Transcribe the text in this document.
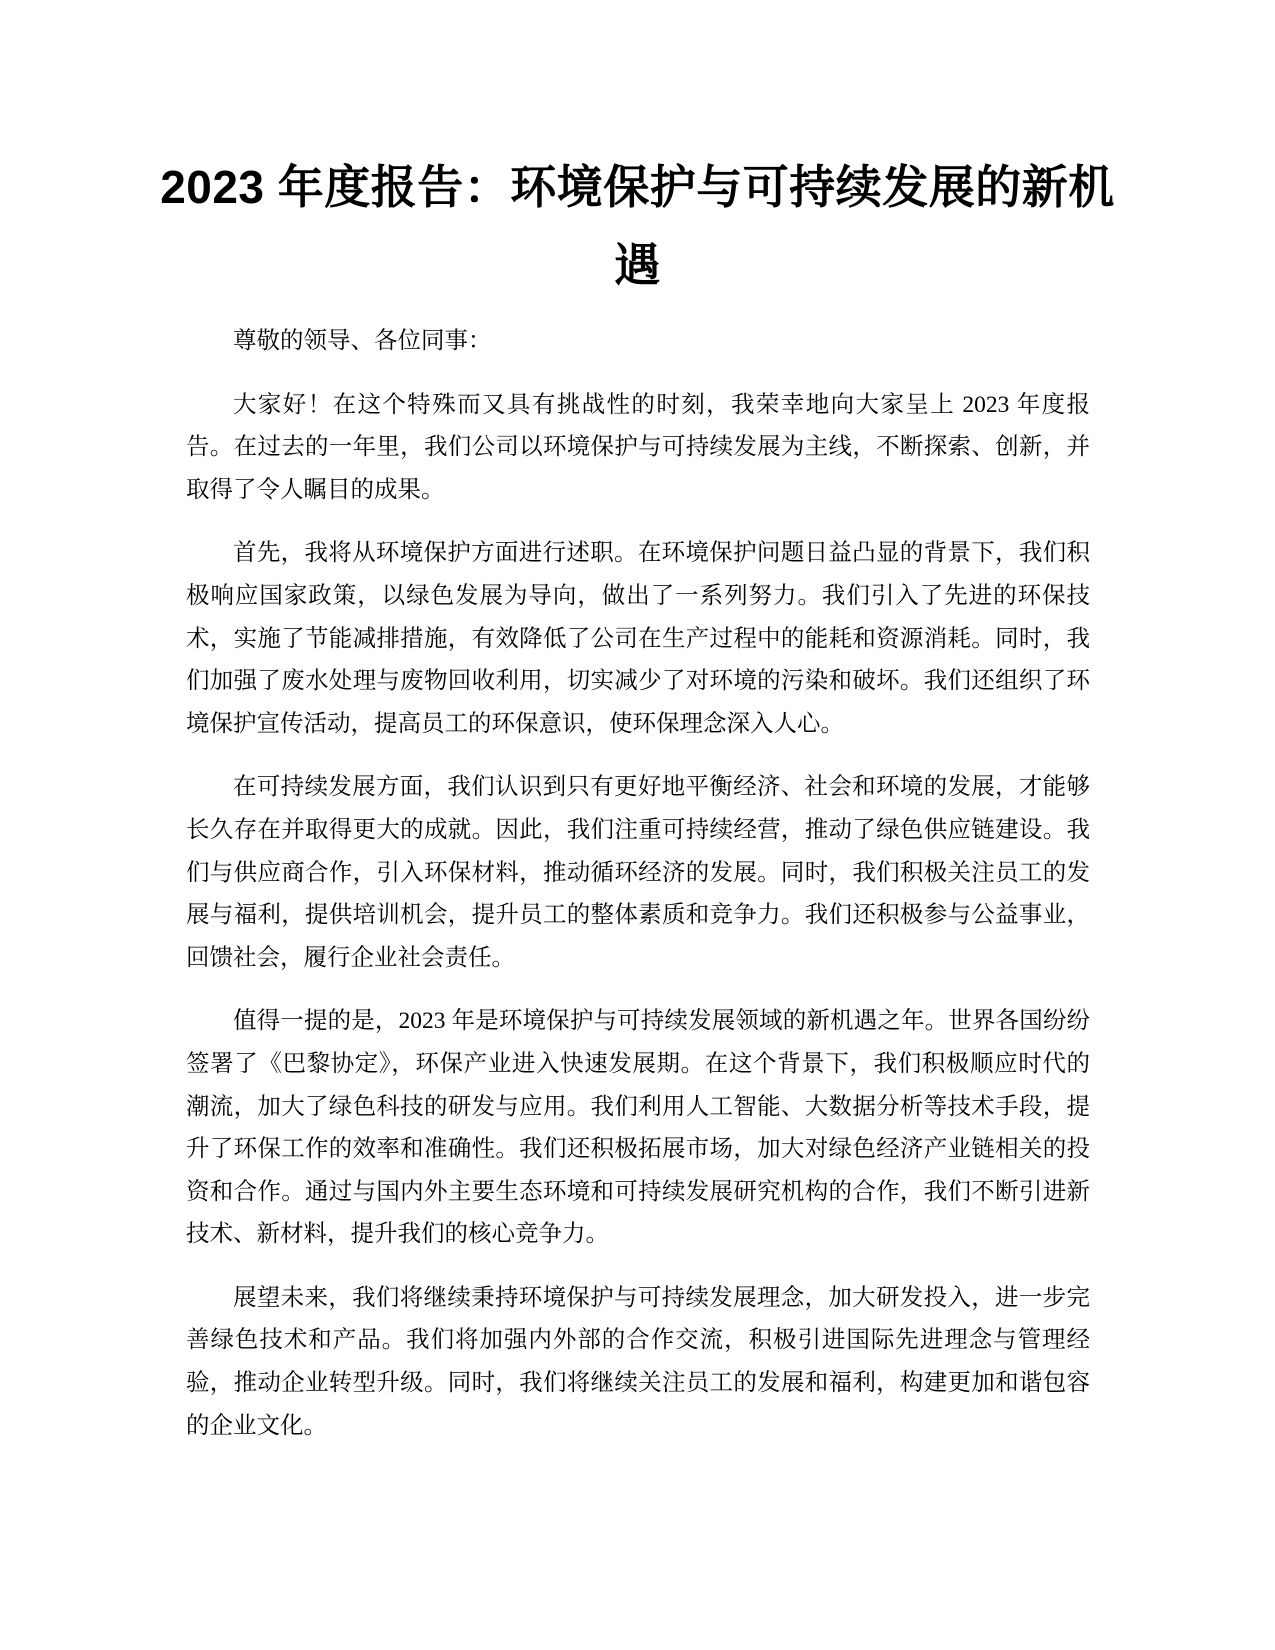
2023 年度报告：环境保护与可持续发展的新机遇

尊敬的领导、各位同事：

大家好！在这个特殊而又具有挑战性的时刻，我荣幸地向大家呈上 2023 年度报告。在过去的一年里，我们公司以环境保护与可持续发展为主线，不断探索、创新，并取得了令人瞩目的成果。

首先，我将从环境保护方面进行述职。在环境保护问题日益凸显的背景下，我们积极响应国家政策，以绿色发展为导向，做出了一系列努力。我们引入了先进的环保技术，实施了节能减排措施，有效降低了公司在生产过程中的能耗和资源消耗。同时，我们加强了废水处理与废物回收利用，切实减少了对环境的污染和破坏。我们还组织了环境保护宣传活动，提高员工的环保意识，使环保理念深入人心。

在可持续发展方面，我们认识到只有更好地平衡经济、社会和环境的发展，才能够长久存在并取得更大的成就。因此，我们注重可持续经营，推动了绿色供应链建设。我们与供应商合作，引入环保材料，推动循环经济的发展。同时，我们积极关注员工的发展与福利，提供培训机会，提升员工的整体素质和竞争力。我们还积极参与公益事业，回馈社会，履行企业社会责任。

值得一提的是，2023 年是环境保护与可持续发展领域的新机遇之年。世界各国纷纷签署了《巴黎协定》，环保产业进入快速发展期。在这个背景下，我们积极顺应时代的潮流，加大了绿色科技的研发与应用。我们利用人工智能、大数据分析等技术手段，提升了环保工作的效率和准确性。我们还积极拓展市场，加大对绿色经济产业链相关的投资和合作。通过与国内外主要生态环境和可持续发展研究机构的合作，我们不断引进新技术、新材料，提升我们的核心竞争力。

展望未来，我们将继续秉持环境保护与可持续发展理念，加大研发投入，进一步完善绿色技术和产品。我们将加强内外部的合作交流，积极引进国际先进理念与管理经验，推动企业转型升级。同时，我们将继续关注员工的发展和福利，构建更加和谐包容的企业文化。
